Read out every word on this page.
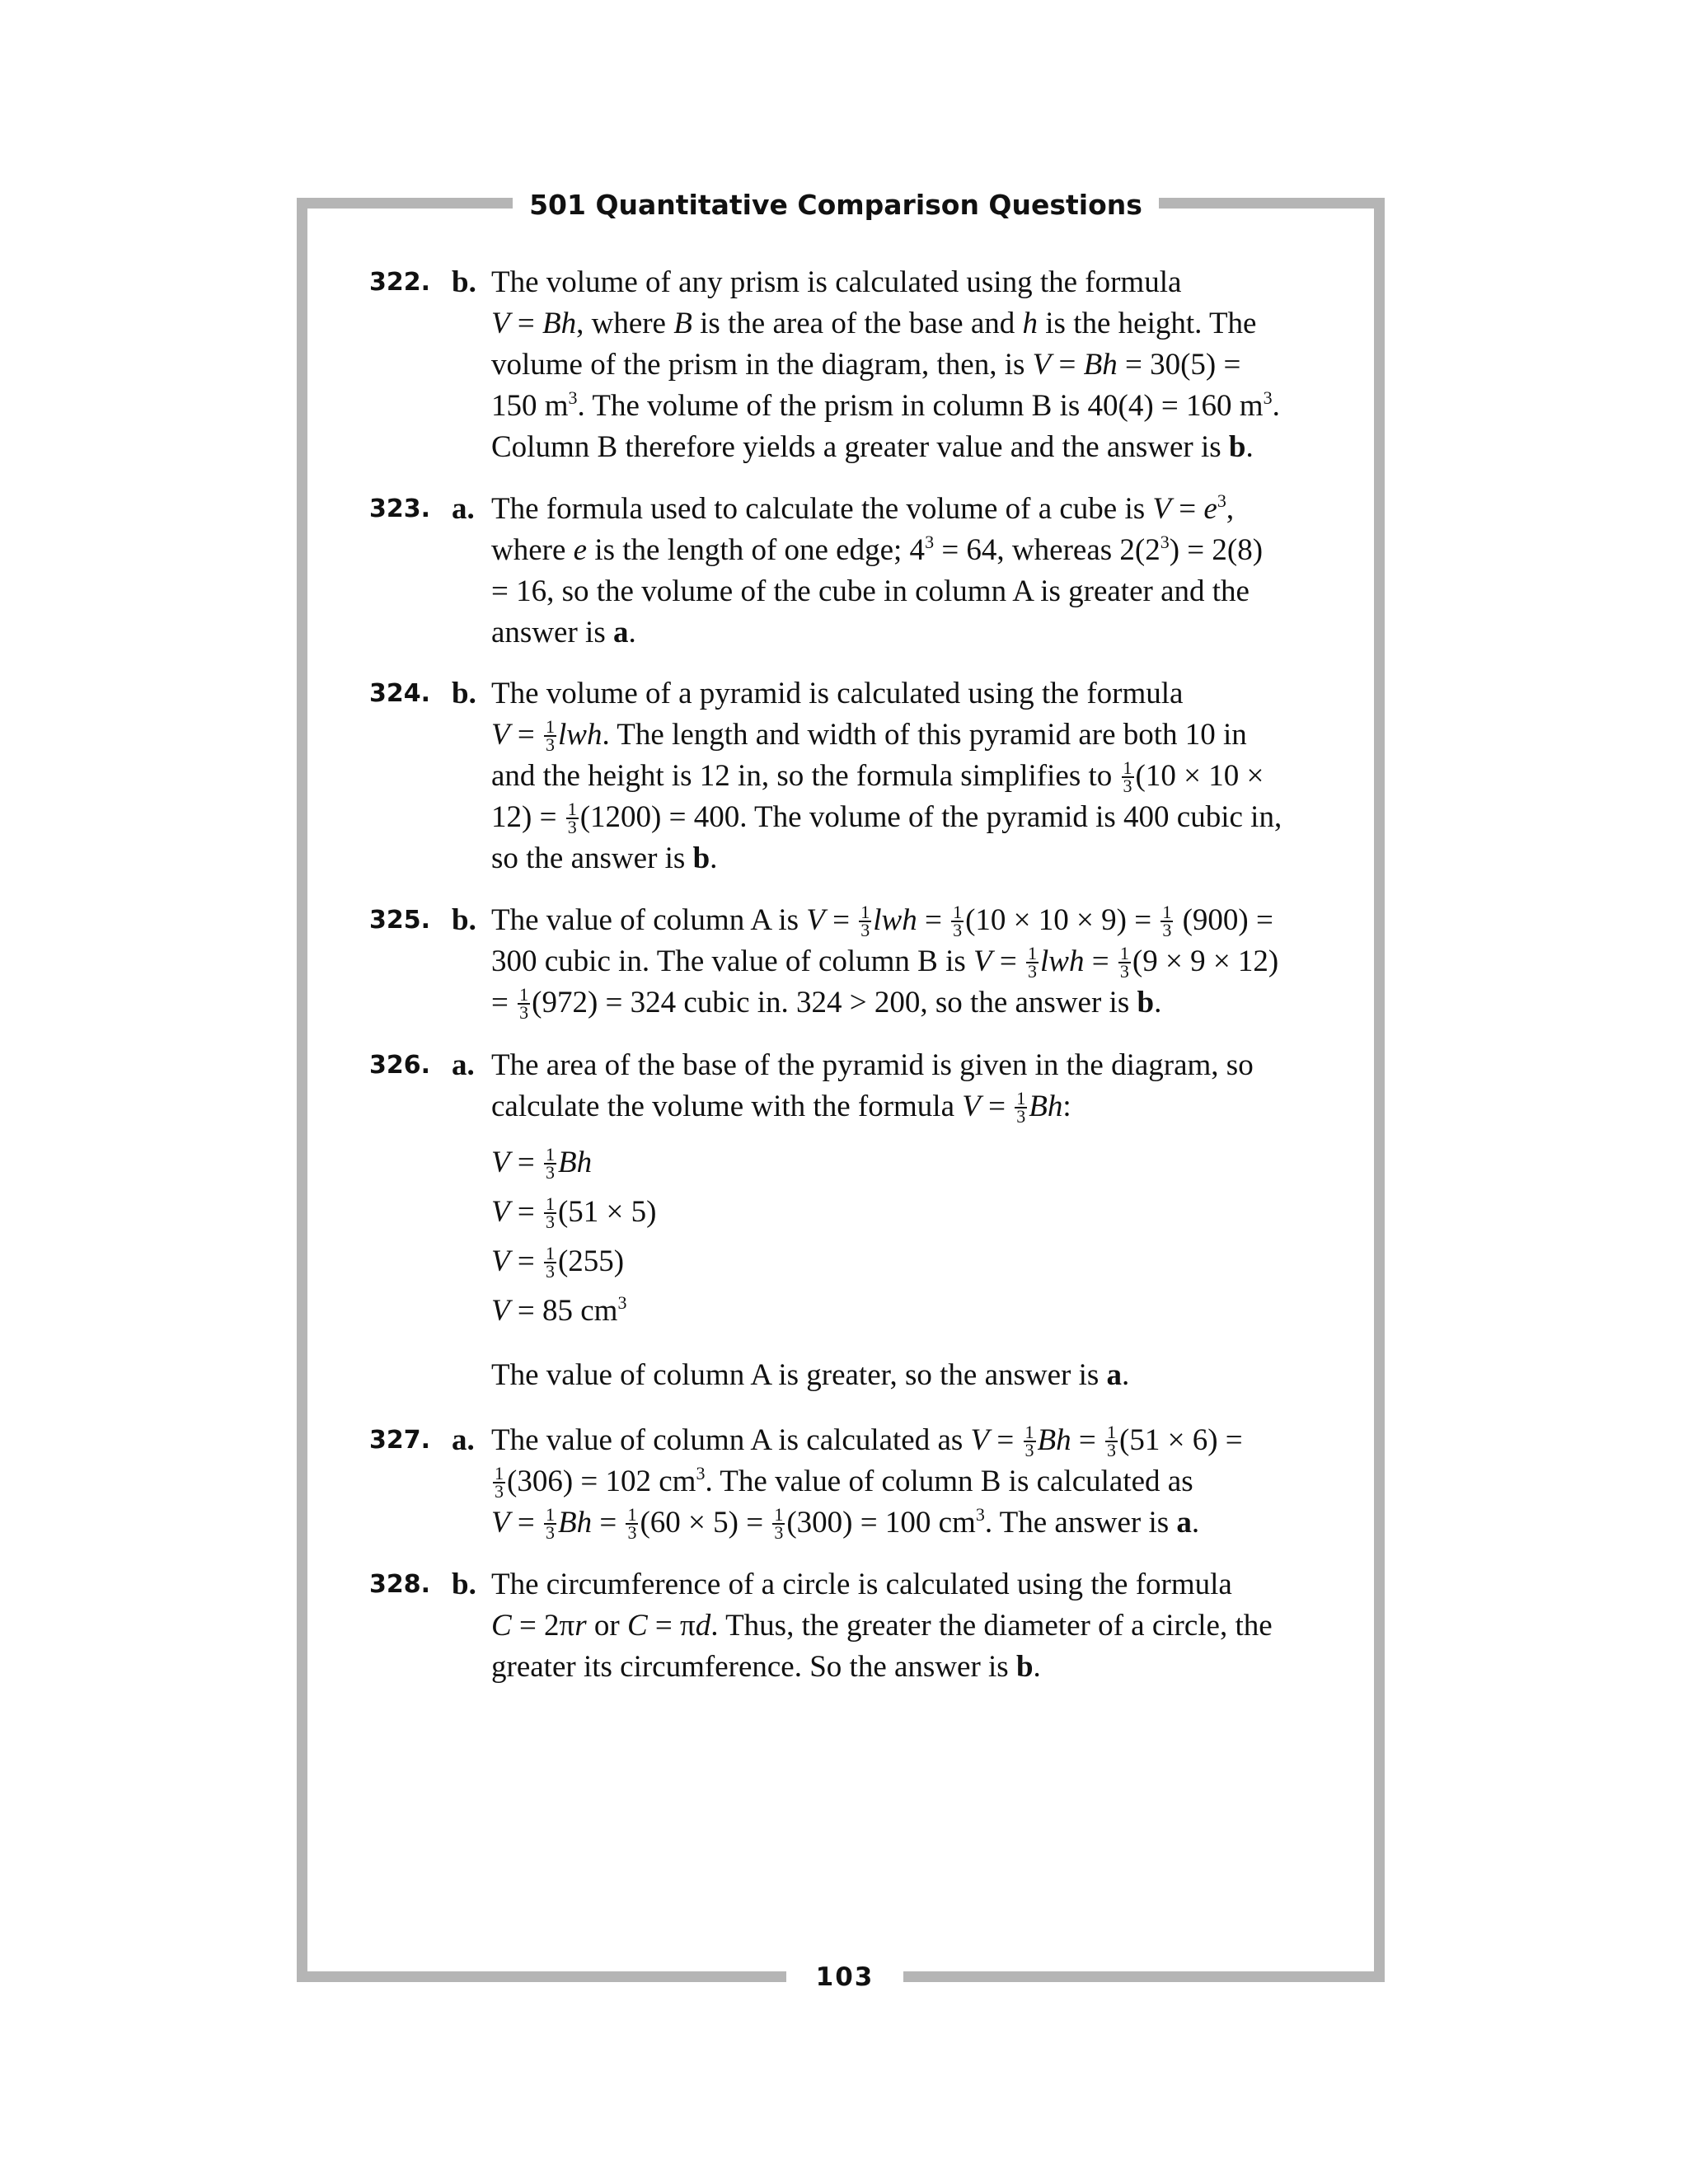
501 Quantitative Comparison Questions
103
322. b. The volume of any prism is calculated using the formula
V = Bh, where B is the area of the base and h is the height. The
volume of the prism in the diagram, then, is V = Bh = 30(5) =
150 $m^3$. The volume of the prism in column B is 40(4) = 160 $m^3$.
Column B therefore yields a greater value and the answer is b.
323. a. The formula used to calculate the volume of a cube is $V = e^3$,
where e is the length of one edge; $4^3 = 64$, whereas $2(2^3) = 2(8)$
= 16, so the volume of the cube in column A is greater and the
answer is a.
324. b. The volume of a pyramid is calculated using the formula
$V = \frac{1}{3}$ lwh. The length and width of this pyramid are both 10 in
and the height is 12 in, so the formula simplifies to $\frac{1}{3} (10 \times 10$ ×
$12) = \frac{1}{3} (1200) = 400$. The volume of the pyramid is 400 cubic in,
so the answer is b.
325. b. The value of column A is $V = \frac{1}{3}$ lwh = $\frac{1}{3} (10 \times 10 \times 9) = \frac{1}{3} (900)$ =
300 cubic in. The value of column B is $V = \frac{1}{3}$ lwh = $\frac{1}{3} (9 \times 9 \times 12)$
= $\frac{1}{3} (972) = 324$ cubic in. 324 > 200, so the answer is b.
326. a. The area of the base of the pyramid is given in the diagram, so
calculate the volume with the formula $V = \frac{1}{3} Bh$:
$V = \frac{1}{3}$ Bh
$V = \frac{1}{3} (51 \times 5)$
$V = \frac{1}{3} (255)$
V = 85 $cm^3$
The value of column A is greater, so the answer is a.
327. a. The value of column A is calculated as $V = \frac{1}{3}$ $Bh = \frac{1}{3} (51 \times 6)$ =
$\frac{1}{3} (306) = 102$ $cm^3$. The value of column B is calculated as
$V = \frac{1}{3}$ $Bh = \frac{1}{3} (60 \times 5) = \frac{1}{3} (300) = 100$ $cm^3$. The answer is a.
328. b. The circumference of a circle is calculated using the formula
C = 2πr or C = πd. Thus, the greater the diameter of a circle, the
greater its circumference. So the answer is b.
